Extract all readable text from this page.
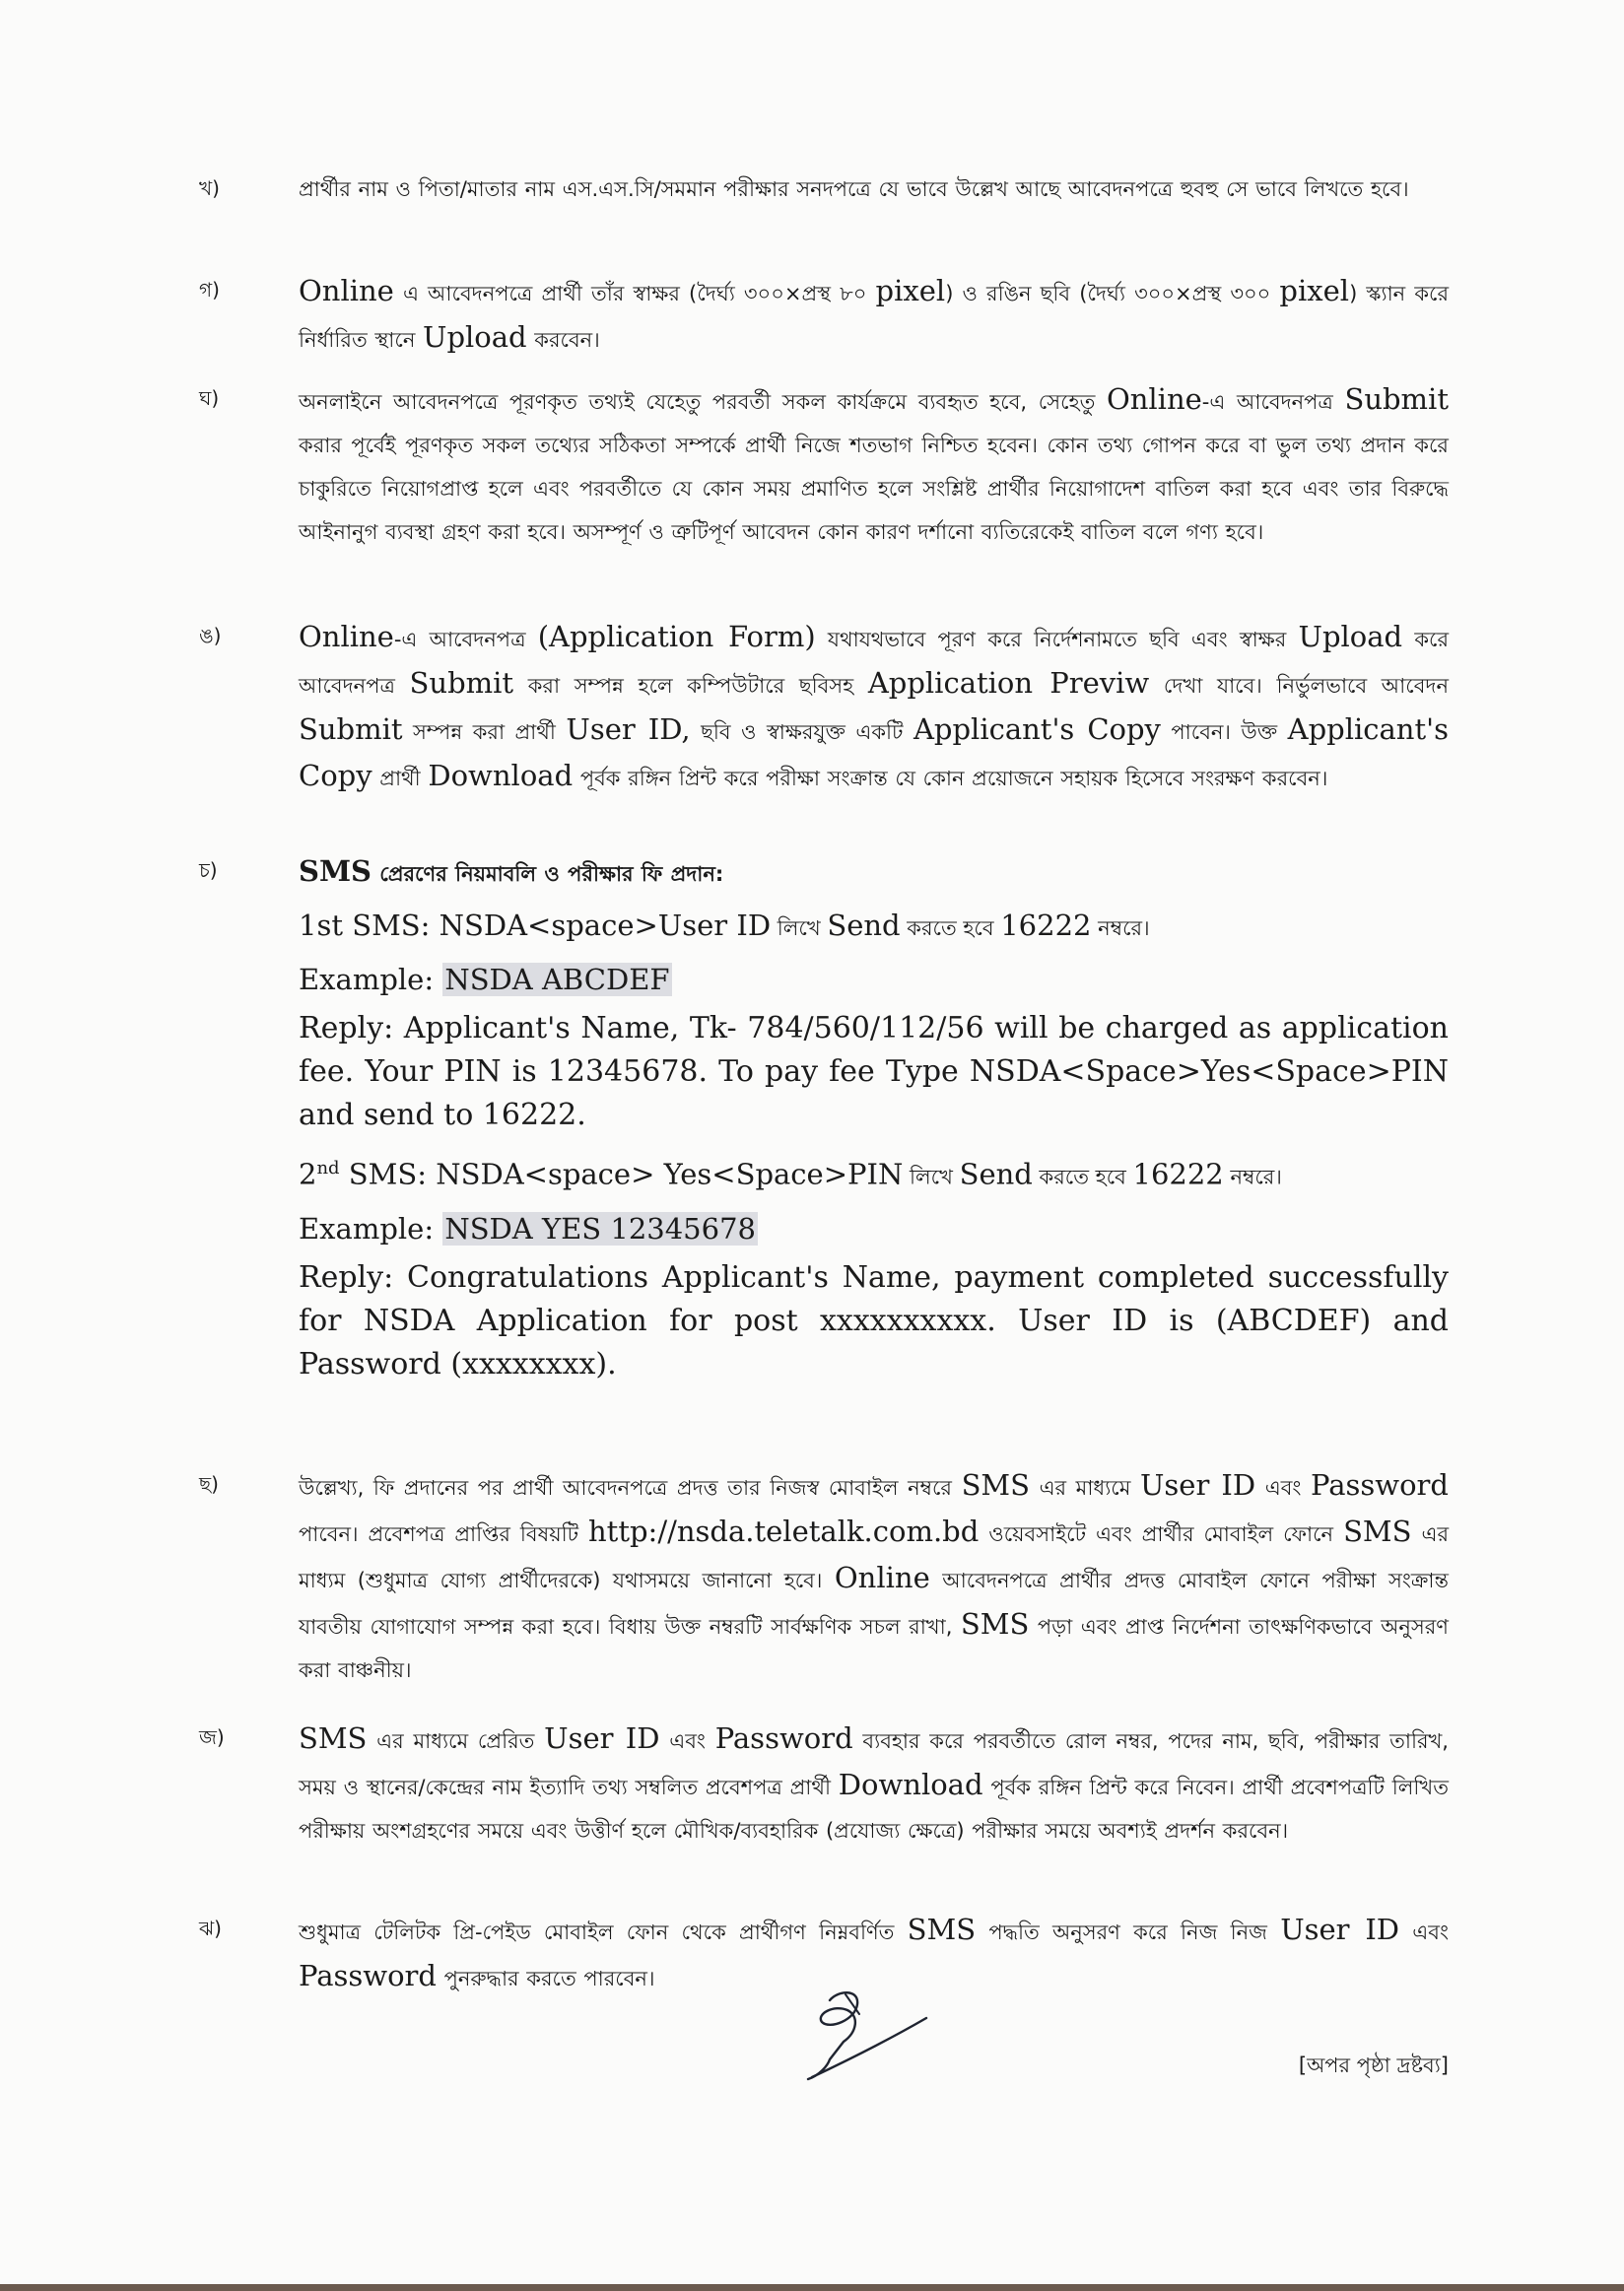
খ)	প্রার্থীর নাম ও পিতা/মাতার নাম এস.এস.সি/সমমান পরীক্ষার সনদপত্রে যে ভাবে উল্লেখ আছে আবেদনপত্রে হুবহু সে ভাবে লিখতে হবে।
গ)	Online এ আবেদনপত্রে প্রার্থী তাঁর স্বাক্ষর (দৈর্ঘ্য ৩০০×প্রস্থ ৮০ pixel) ও রঙিন ছবি (দৈর্ঘ্য ৩০০×প্রস্থ ৩০০ pixel) স্ক্যান করে নির্ধারিত স্থানে Upload করবেন।
ঘ)	অনলাইনে আবেদনপত্রে পূরণকৃত তথ্যই যেহেতু পরবর্তী সকল কার্যক্রমে ব্যবহৃত হবে, সেহেতু Online-এ আবেদনপত্র Submit করার পূর্বেই পূরণকৃত সকল তথ্যের সঠিকতা সম্পর্কে প্রার্থী নিজে শতভাগ নিশ্চিত হবেন। কোন তথ্য গোপন করে বা ভুল তথ্য প্রদান করে চাকুরিতে নিয়োগপ্রাপ্ত হলে এবং পরবর্তীতে যে কোন সময় প্রমাণিত হলে সংশ্লিষ্ট প্রার্থীর নিয়োগাদেশ বাতিল করা হবে এবং তার বিরুদ্ধে আইনানুগ ব্যবস্থা গ্রহণ করা হবে। অসম্পূর্ণ ও ত্রুটিপূর্ণ আবেদন কোন কারণ দর্শানো ব্যতিরেকেই বাতিল বলে গণ্য হবে।
ঙ)	Online-এ আবেদনপত্র (Application Form) যথাযথভাবে পূরণ করে নির্দেশনামতে ছবি এবং স্বাক্ষর Upload করে আবেদনপত্র Submit করা সম্পন্ন হলে কম্পিউটারে ছবিসহ Application Previw দেখা যাবে। নির্ভুলভাবে আবেদন Submit সম্পন্ন করা প্রার্থী User ID, ছবি ও স্বাক্ষরযুক্ত একটি Applicant's Copy পাবেন। উক্ত Applicant's Copy প্রার্থী Download পূর্বক রঙ্গিন প্রিন্ট করে পরীক্ষা সংক্রান্ত যে কোন প্রয়োজনে সহায়ক হিসেবে সংরক্ষণ করবেন।
চ)	SMS প্রেরণের নিয়মাবলি ও পরীক্ষার ফি প্রদান:
1st SMS: NSDA<space>User ID লিখে Send করতে হবে 16222 নম্বরে।
Example: NSDA ABCDEF
Reply: Applicant's Name, Tk- 784/560/112/56 will be charged as application fee. Your PIN is 12345678. To pay fee Type NSDA<Space>Yes<Space>PIN and send to 16222.
2nd SMS: NSDA<space> Yes<Space>PIN লিখে Send করতে হবে 16222 নম্বরে।
Example: NSDA YES 12345678
Reply: Congratulations Applicant's Name, payment completed successfully for NSDA Application for post xxxxxxxxxx. User ID is (ABCDEF) and Password (xxxxxxxx).
ছ)	উল্লেখ্য, ফি প্রদানের পর প্রার্থী আবেদনপত্রে প্রদত্ত তার নিজস্ব মোবাইল নম্বরে SMS এর মাধ্যমে User ID এবং Password পাবেন। প্রবেশপত্র প্রাপ্তির বিষয়টি http://nsda.teletalk.com.bd ওয়েবসাইটে এবং প্রার্থীর মোবাইল ফোনে SMS এর মাধ্যম (শুধুমাত্র যোগ্য প্রার্থীদেরকে) যথাসময়ে জানানো হবে। Online আবেদনপত্রে প্রার্থীর প্রদত্ত মোবাইল ফোনে পরীক্ষা সংক্রান্ত যাবতীয় যোগাযোগ সম্পন্ন করা হবে। বিধায় উক্ত নম্বরটি সার্বক্ষণিক সচল রাখা, SMS পড়া এবং প্রাপ্ত নির্দেশনা তাৎক্ষণিকভাবে অনুসরণ করা বাঞ্চনীয়।
জ)	SMS এর মাধ্যমে প্রেরিত User ID এবং Password ব্যবহার করে পরবর্তীতে রোল নম্বর, পদের নাম, ছবি, পরীক্ষার তারিখ, সময় ও স্থানের/কেন্দ্রের নাম ইত্যাদি তথ্য সম্বলিত প্রবেশপত্র প্রার্থী Download পূর্বক রঙ্গিন প্রিন্ট করে নিবেন। প্রার্থী প্রবেশপত্রটি লিখিত পরীক্ষায় অংশগ্রহণের সময়ে এবং উত্তীর্ণ হলে মৌখিক/ব্যবহারিক (প্রযোজ্য ক্ষেত্রে) পরীক্ষার সময়ে অবশ্যই প্রদর্শন করবেন।
ঝ)	শুধুমাত্র টেলিটক প্রি-পেইড মোবাইল ফোন থেকে প্রার্থীগণ নিম্নবর্ণিত SMS পদ্ধতি অনুসরণ করে নিজ নিজ User ID এবং Password পুনরুদ্ধার করতে পারবেন।
[অপর পৃষ্ঠা দ্রষ্টব্য]
